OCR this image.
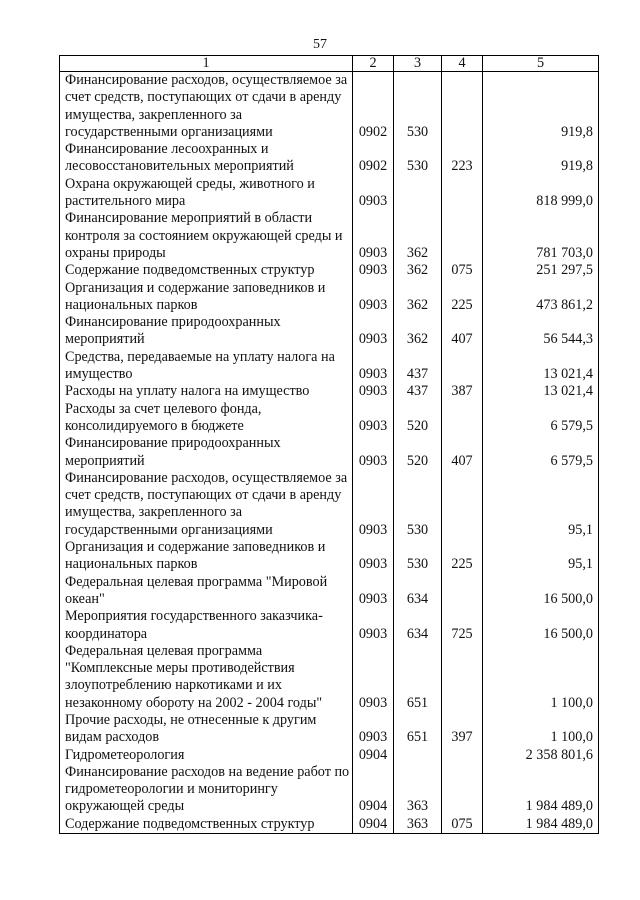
57
1	2	3	4	5
Финансирование расходов, осуществляемое за счет средств, поступающих от сдачи в аренду имущества, закрепленного за государственными организациями	0902	530		919,8
Финансирование лесоохранных и лесовосстановительных мероприятий	0902	530	223	919,8
Охрана окружающей среды, животного и растительного мира	0903			818 999,0
Финансирование мероприятий в области контроля за состоянием окружающей среды и охраны природы	0903	362		781 703,0
Содержание подведомственных структур	0903	362	075	251 297,5
Организация и содержание заповедников и национальных парков	0903	362	225	473 861,2
Финансирование природоохранных мероприятий	0903	362	407	56 544,3
Средства, передаваемые на уплату налога на имущество	0903	437		13 021,4
Расходы на уплату налога на имущество	0903	437	387	13 021,4
Расходы за счет целевого фонда, консолидируемого в бюджете	0903	520		6 579,5
Финансирование природоохранных мероприятий	0903	520	407	6 579,5
Финансирование расходов, осуществляемое за счет средств, поступающих от сдачи в аренду имущества, закрепленного за государственными организациями	0903	530		95,1
Организация и содержание заповедников и национальных парков	0903	530	225	95,1
Федеральная целевая программа "Мировой океан"	0903	634		16 500,0
Мероприятия государственного заказчика-координатора	0903	634	725	16 500,0
Федеральная целевая программа "Комплексные меры противодействия злоупотреблению наркотиками и их незаконному обороту на 2002 - 2004 годы"	0903	651		1 100,0
Прочие расходы, не отнесенные к другим видам расходов	0903	651	397	1 100,0
Гидрометеорология	0904			2 358 801,6
Финансирование расходов на ведение работ по гидрометеорологии и мониторингу окружающей среды	0904	363		1 984 489,0
Содержание подведомственных структур	0904	363	075	1 984 489,0
